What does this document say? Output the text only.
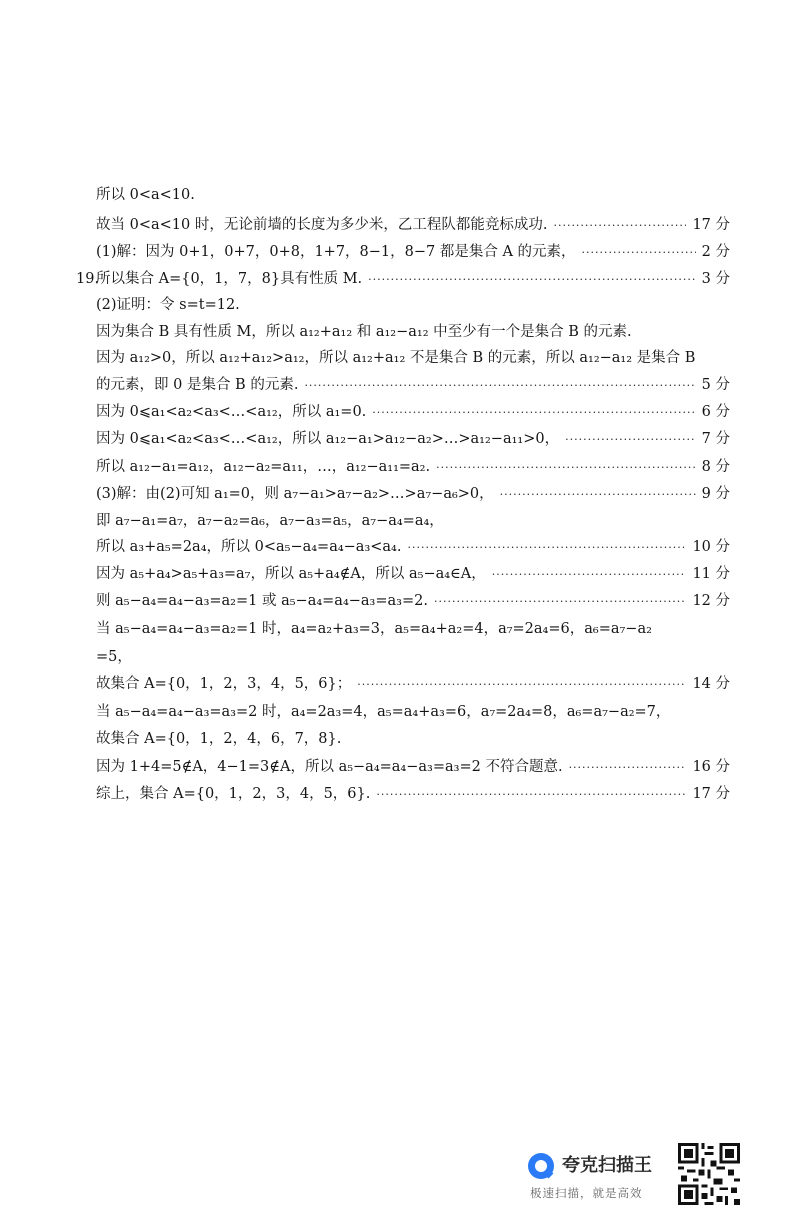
所以 0<a<10.
故当 0<a<10 时，无论前墙的长度为多少米，乙工程队都能竞标成功. ·····	17 分
(1)解：因为 0+1，0+7，0+8，1+7，8−1，8−7 都是集合 A 的元素， ·····	2 分
所以集合 A={0，1，7，8}具有性质 M. ·····	3 分
(2)证明：令 s=t=12.
因为集合 B 具有性质 M，所以 a₁₂+a₁₂ 和 a₁₂−a₁₂ 中至少有一个是集合 B 的元素.
因为 a₁₂>0，所以 a₁₂+a₁₂>a₁₂，所以 a₁₂+a₁₂ 不是集合 B 的元素，所以 a₁₂−a₁₂ 是集合 B
的元素，即 0 是集合 B 的元素. ·····	5 分
因为 0⩽a₁<a₂<a₃<…<a₁₂，所以 a₁=0. ·····	6 分
因为 0⩽a₁<a₂<a₃<…<a₁₂，所以 a₁₂−a₁>a₁₂−a₂>…>a₁₂−a₁₁>0， ·····	7 分
所以 a₁₂−a₁=a₁₂，a₁₂−a₂=a₁₁，…，a₁₂−a₁₁=a₂. ·····	8 分
(3)解：由(2)可知 a₁=0，则 a₇−a₁>a₇−a₂>…>a₇−a₆>0， ·····	9 分
即 a₇−a₁=a₇，a₇−a₂=a₆，a₇−a₃=a₅，a₇−a₄=a₄，
所以 a₃+a₅=2a₄，所以 0<a₅−a₄=a₄−a₃<a₄. ·····	10 分
因为 a₅+a₄>a₅+a₃=a₇，所以 a₅+a₄∉A，所以 a₅−a₄∈A， ·····	11 分
则 a₅−a₄=a₄−a₃=a₂=1 或 a₅−a₄=a₄−a₃=a₃=2. ·····	12 分
当 a₅−a₄=a₄−a₃=a₂=1 时，a₄=a₂+a₃=3，a₅=a₄+a₂=4，a₇=2a₄=6，a₆=a₇−a₂
=5，
故集合 A={0，1，2，3，4，5，6}； ·····	14 分
当 a₅−a₄=a₄−a₃=a₃=2 时，a₄=2a₃=4，a₅=a₄+a₃=6，a₇=2a₄=8，a₆=a₇−a₂=7，
故集合 A={0，1，2，4，6，7，8}.
因为 1+4=5∉A，4−1=3∉A，所以 a₅−a₄=a₄−a₃=a₃=2 不符合题意. ·····	16 分
综上，集合 A={0，1，2，3，4，5，6}. ·····	17 分
19.
夸克扫描王
极速扫描，就是高效
